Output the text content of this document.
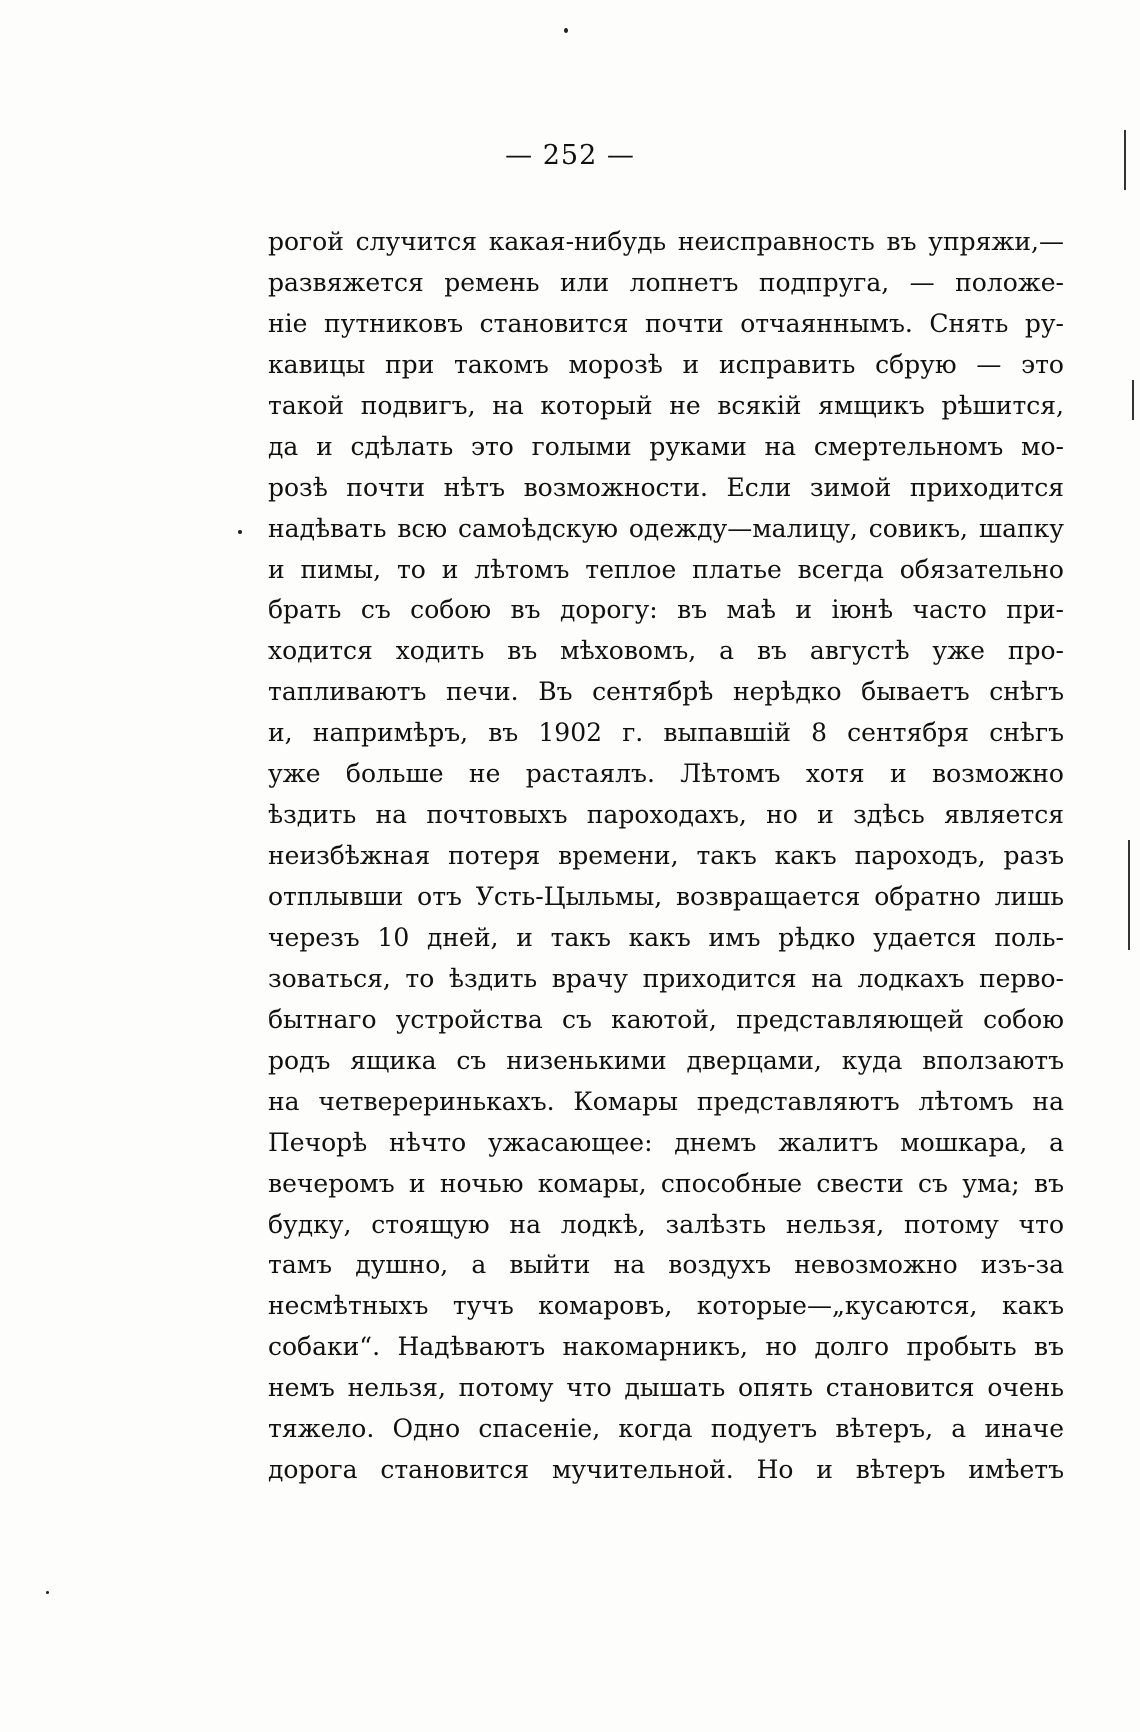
— 252 —
рогой случится какая-нибудь неисправность въ упряжи,—
развяжется ремень или лопнетъ подпруга, — положе-
ніе путниковъ становится почти отчаяннымъ. Снять ру-
кавицы при такомъ морозѣ и исправить сбрую — это
такой подвигъ, на который не всякій ямщикъ рѣшится,
да и сдѣлать это голыми руками на смертельномъ мо-
розѣ почти нѣтъ возможности. Если зимой приходится
надѣвать всю самоѣдскую одежду—малицу, совикъ, шапку
и пимы, то и лѣтомъ теплое платье всегда обязательно
брать съ собою въ дорогу: въ маѣ и іюнѣ часто при-
ходится ходить въ мѣховомъ, а въ августѣ уже про-
тапливаютъ печи. Въ сентябрѣ нерѣдко бываетъ снѣгъ
и, напримѣръ, въ 1902 г. выпавшій 8 сентября снѣгъ
уже больше не растаялъ. Лѣтомъ хотя и возможно
ѣздить на почтовыхъ пароходахъ, но и здѣсь является
неизбѣжная потеря времени, такъ какъ пароходъ, разъ
отплывши отъ Усть-Цыльмы, возвращается обратно лишь
черезъ 10 дней, и такъ какъ имъ рѣдко удается поль-
зоваться, то ѣздить врачу приходится на лодкахъ перво-
бытнаго устройства съ каютой, представляющей собою
родъ ящика съ низенькими дверцами, куда вползаютъ
на четвереринькахъ. Комары представляютъ лѣтомъ на
Печорѣ нѣчто ужасающее: днемъ жалитъ мошкара, а
вечеромъ и ночью комары, способные свести съ ума; въ
будку, стоящую на лодкѣ, залѣзть нельзя, потому что
тамъ душно, а выйти на воздухъ невозможно изъ-за
несмѣтныхъ тучъ комаровъ, которые—„кусаются, какъ
собаки“. Надѣваютъ накомарникъ, но долго пробыть въ
немъ нельзя, потому что дышать опять становится очень
тяжело. Одно спасеніе, когда подуетъ вѣтеръ, а иначе
дорога становится мучительной. Но и вѣтеръ имѣетъ
